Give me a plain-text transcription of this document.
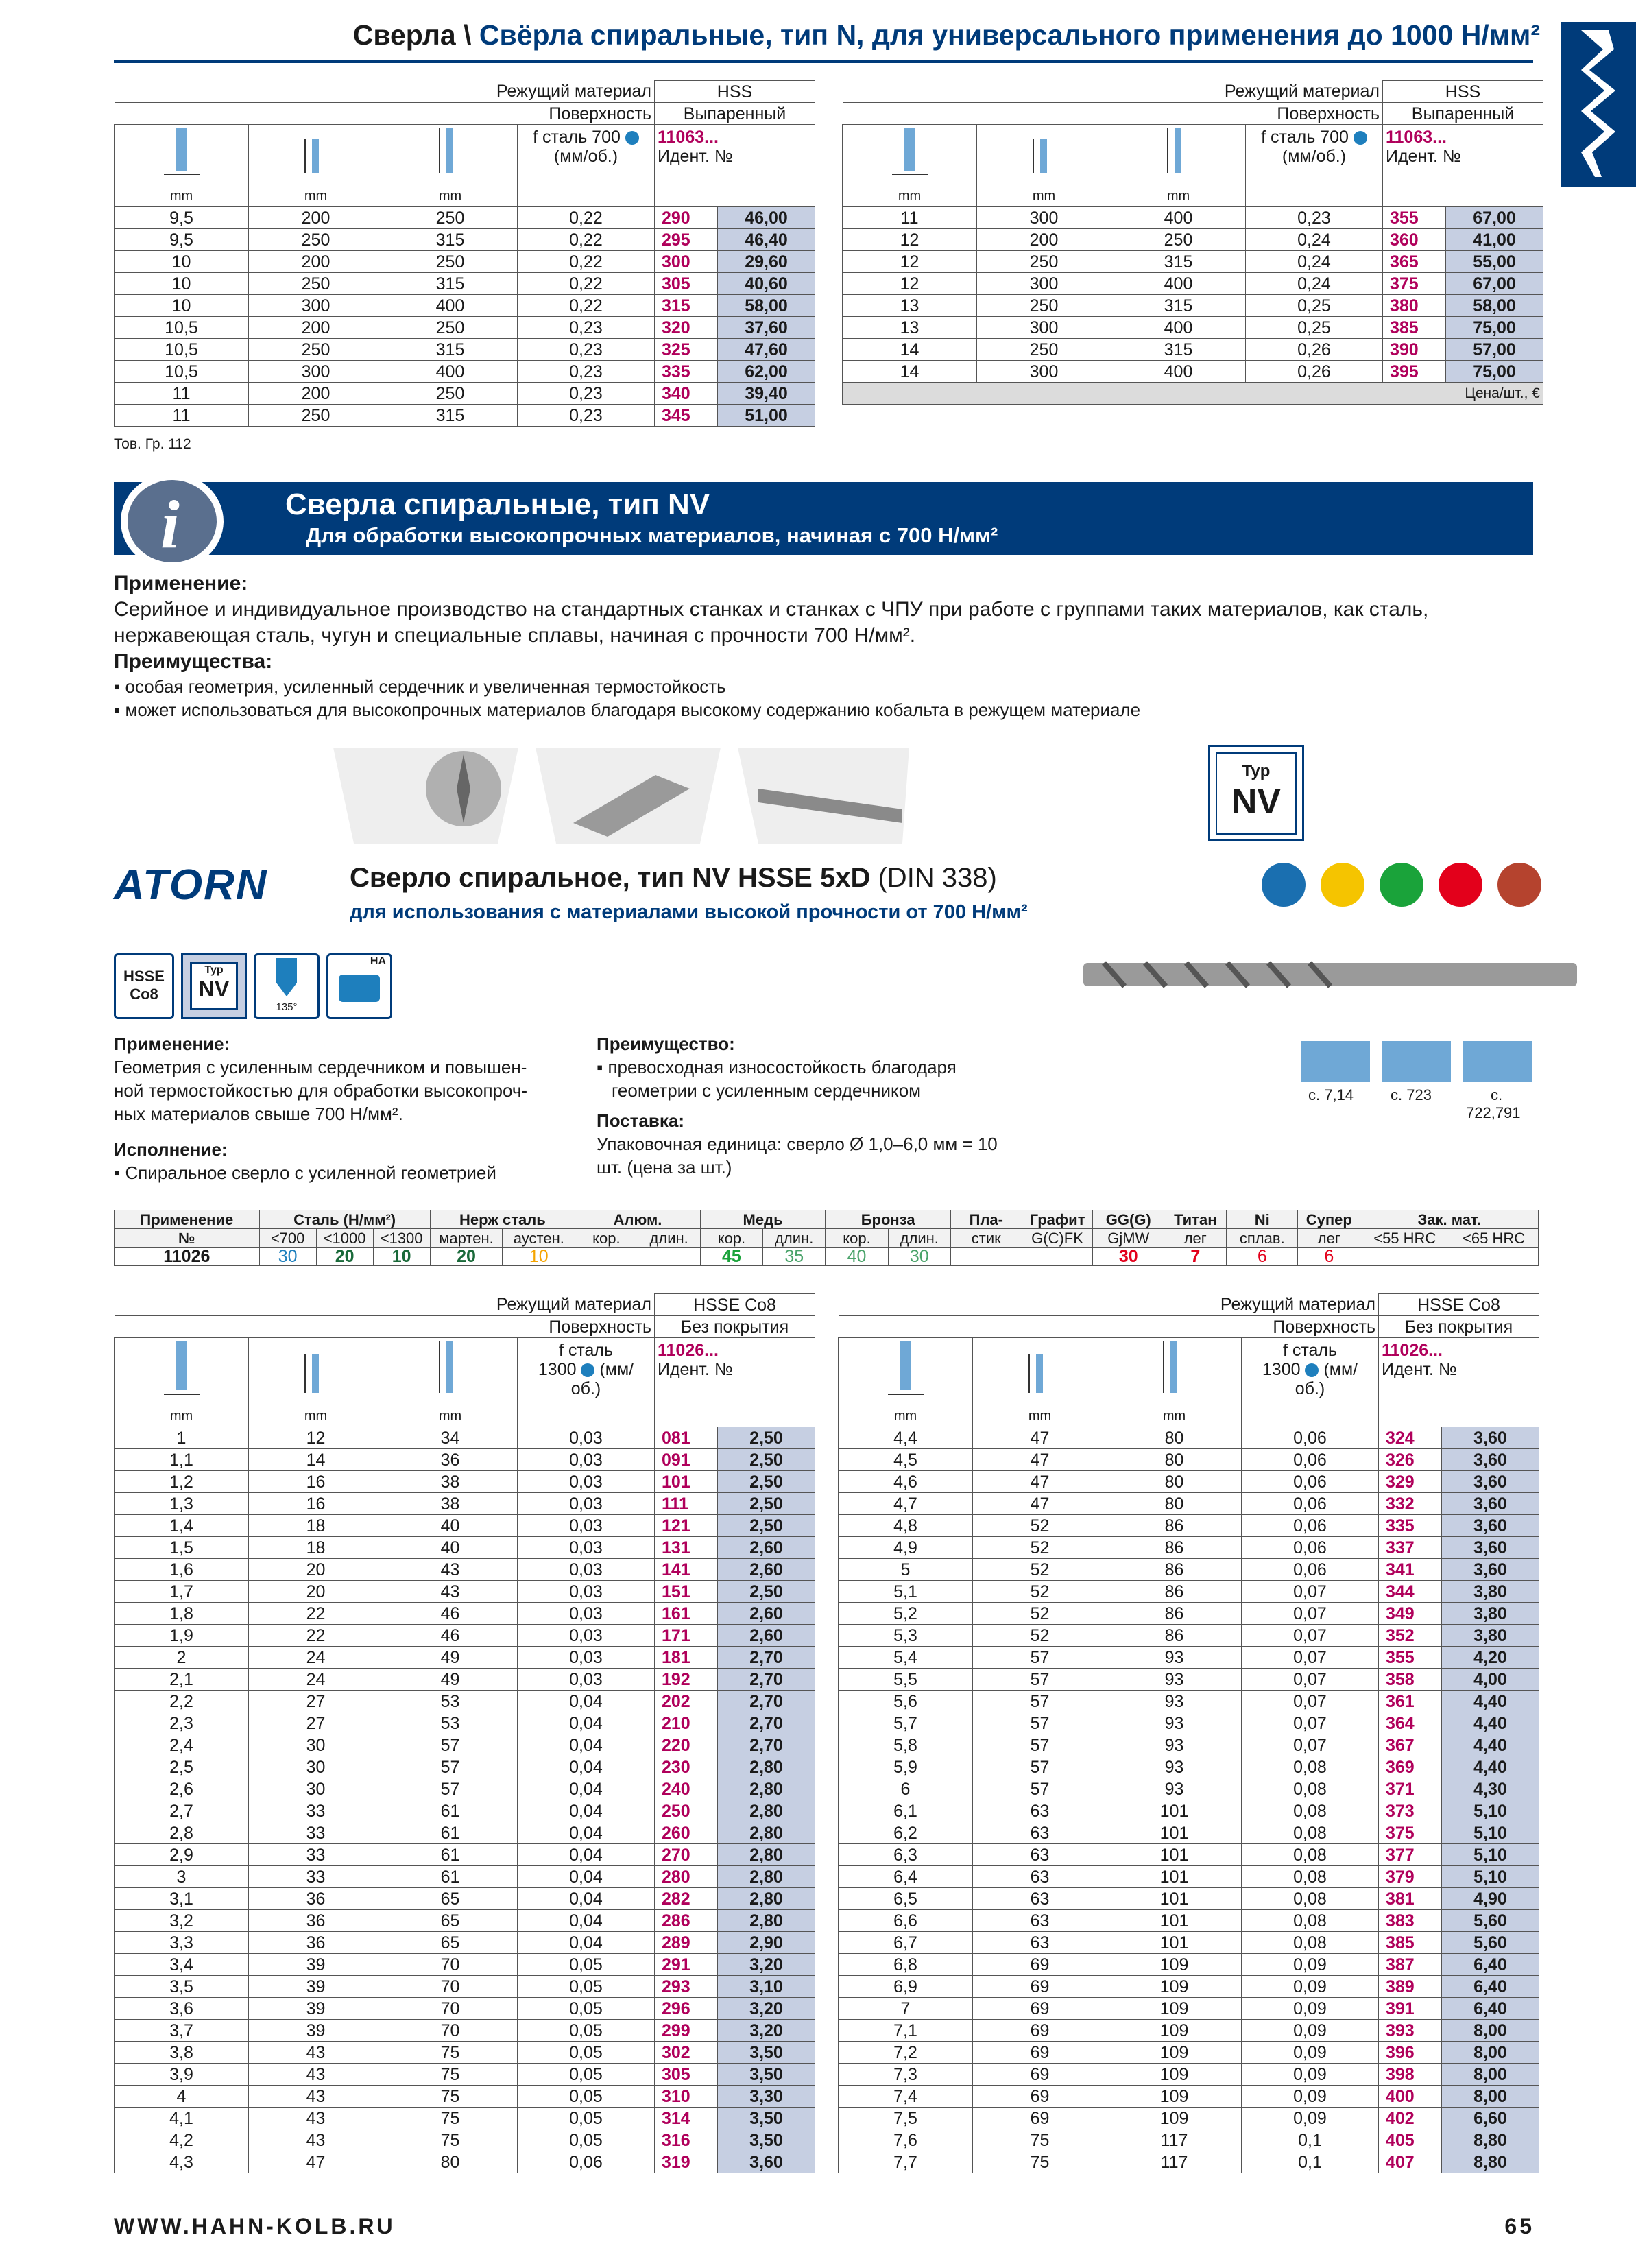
Сверла \ Свёрла спиральные, тип N, для универсального применения до 1000 Н/мм²
Режущий материал				HSS	
Поверхность				Выпаренный	

mm	mm	mm	f сталь 700
(мм/об.)	11063...
Идент. №	
9,5	200	250	0,22	290	46,00
9,5	250	315	0,22	295	46,40
10	200	250	0,22	300	29,60
10	250	315	0,22	305	40,60
10	300	400	0,22	315	58,00
10,5	200	250	0,23	320	37,60
10,5	250	315	0,23	325	47,60
10,5	300	400	0,23	335	62,00
11	200	250	0,23	340	39,40
11	250	315	0,23	345	51,00
Режущий материал				HSS	
Поверхность				Выпаренный	

mm	mm	mm	f сталь 700
(мм/об.)	11063...
Идент. №	
11	300	400	0,23	355	67,00
12	200	250	0,24	360	41,00
12	250	315	0,24	365	55,00
12	300	400	0,24	375	67,00
13	250	315	0,25	380	58,00
13	300	400	0,25	385	75,00
14	250	315	0,26	390	57,00
14	300	400	0,26	395	75,00
Цена/шт., €					
Тов. Гр. 112
Сверла спиральные, тип NV
Для обработки высокопрочных материалов, начиная с 700 Н/мм²
i
Применение:
Серийное и индивидуальное производство на стандартных станках и станках с ЧПУ при работе с группами таких материалов, как сталь,
нержавеющая сталь, чугун и специальные сплавы, начиная с прочности 700 Н/мм².
Преимущества:
▪ особая геометрия, усиленный сердечник и увеличенная термостойкость
▪ может использоваться для высокопрочных материалов благодаря высокому содержанию кобальта в режущем материале
Typ
NV
ATORN	Сверло спиральное, тип NV HSSE 5xD (DIN 338)
для использования с материалами высокой прочности от 700 Н/мм²
HSSE
Co8
Typ
NV
135°
HA
Применение:
Геометрия с усиленным сердечником и повышен-
ной термостойкостью для обработки высокопроч-
ных материалов свыше 700 Н/мм².
Исполнение:
▪ Спиральное сверло с усиленной геометрией
Преимущество:
▪ превосходная износостойкость благодаря
геометрии с усиленным сердечником
Поставка:
Упаковочная единица: сверло Ø 1,0–6,0 мм = 10
шт. (цена за шт.)
с. 7,14 с. 723	с.
722,791
Применение	Сталь (Н/мм²)			Нерж сталь		Алюм.		Медь		Бронза		Пла-	Графит	GG(G)	Титан	Ni	Супер	Зак. мат.	
№	<700	<1000	<1300	мартен.	аустен.	кор.	длин.	кор.	длин.	кор.	длин.	стик	G(C)FK	GjMW	лег	сплав.	лег	<55 HRC	<65 HRC
11026	30	20	10	20	10			45	35	40	30			30	7	6	6		
Режущий материал				HSSE Co8	
Поверхность				Без покрытия	

mm	mm	mm	f сталь
1300 (мм/
об.)	11026...
Идент. №	
1	12	34	0,03	081	2,50
1,1	14	36	0,03	091	2,50
1,2	16	38	0,03	101	2,50
1,3	16	38	0,03	111	2,50
1,4	18	40	0,03	121	2,50
1,5	18	40	0,03	131	2,60
1,6	20	43	0,03	141	2,60
1,7	20	43	0,03	151	2,50
1,8	22	46	0,03	161	2,60
1,9	22	46	0,03	171	2,60
2	24	49	0,03	181	2,70
2,1	24	49	0,03	192	2,70
2,2	27	53	0,04	202	2,70
2,3	27	53	0,04	210	2,70
2,4	30	57	0,04	220	2,70
2,5	30	57	0,04	230	2,80
2,6	30	57	0,04	240	2,80
2,7	33	61	0,04	250	2,80
2,8	33	61	0,04	260	2,80
2,9	33	61	0,04	270	2,80
3	33	61	0,04	280	2,80
3,1	36	65	0,04	282	2,80
3,2	36	65	0,04	286	2,80
3,3	36	65	0,04	289	2,90
3,4	39	70	0,05	291	3,20
3,5	39	70	0,05	293	3,10
3,6	39	70	0,05	296	3,20
3,7	39	70	0,05	299	3,20
3,8	43	75	0,05	302	3,50
3,9	43	75	0,05	305	3,50
4	43	75	0,05	310	3,30
4,1	43	75	0,05	314	3,50
4,2	43	75	0,05	316	3,50
4,3	47	80	0,06	319	3,60
Режущий материал				HSSE Co8	
Поверхность				Без покрытия	

mm	mm	mm	f сталь
1300 (мм/
об.)	11026...
Идент. №	
4,4	47	80	0,06	324	3,60
4,5	47	80	0,06	326	3,60
4,6	47	80	0,06	329	3,60
4,7	47	80	0,06	332	3,60
4,8	52	86	0,06	335	3,60
4,9	52	86	0,06	337	3,60
5	52	86	0,06	341	3,60
5,1	52	86	0,07	344	3,80
5,2	52	86	0,07	349	3,80
5,3	52	86	0,07	352	3,80
5,4	57	93	0,07	355	4,20
5,5	57	93	0,07	358	4,00
5,6	57	93	0,07	361	4,40
5,7	57	93	0,07	364	4,40
5,8	57	93	0,07	367	4,40
5,9	57	93	0,08	369	4,40
6	57	93	0,08	371	4,30
6,1	63	101	0,08	373	5,10
6,2	63	101	0,08	375	5,10
6,3	63	101	0,08	377	5,10
6,4	63	101	0,08	379	5,10
6,5	63	101	0,08	381	4,90
6,6	63	101	0,08	383	5,60
6,7	63	101	0,08	385	5,60
6,8	69	109	0,09	387	6,40
6,9	69	109	0,09	389	6,40
7	69	109	0,09	391	6,40
7,1	69	109	0,09	393	8,00
7,2	69	109	0,09	396	8,00
7,3	69	109	0,09	398	8,00
7,4	69	109	0,09	400	8,00
7,5	69	109	0,09	402	6,60
7,6	75	117	0,1	405	8,80
7,7	75	117	0,1	407	8,80
WWW.HAHN-KOLB.RU	65
